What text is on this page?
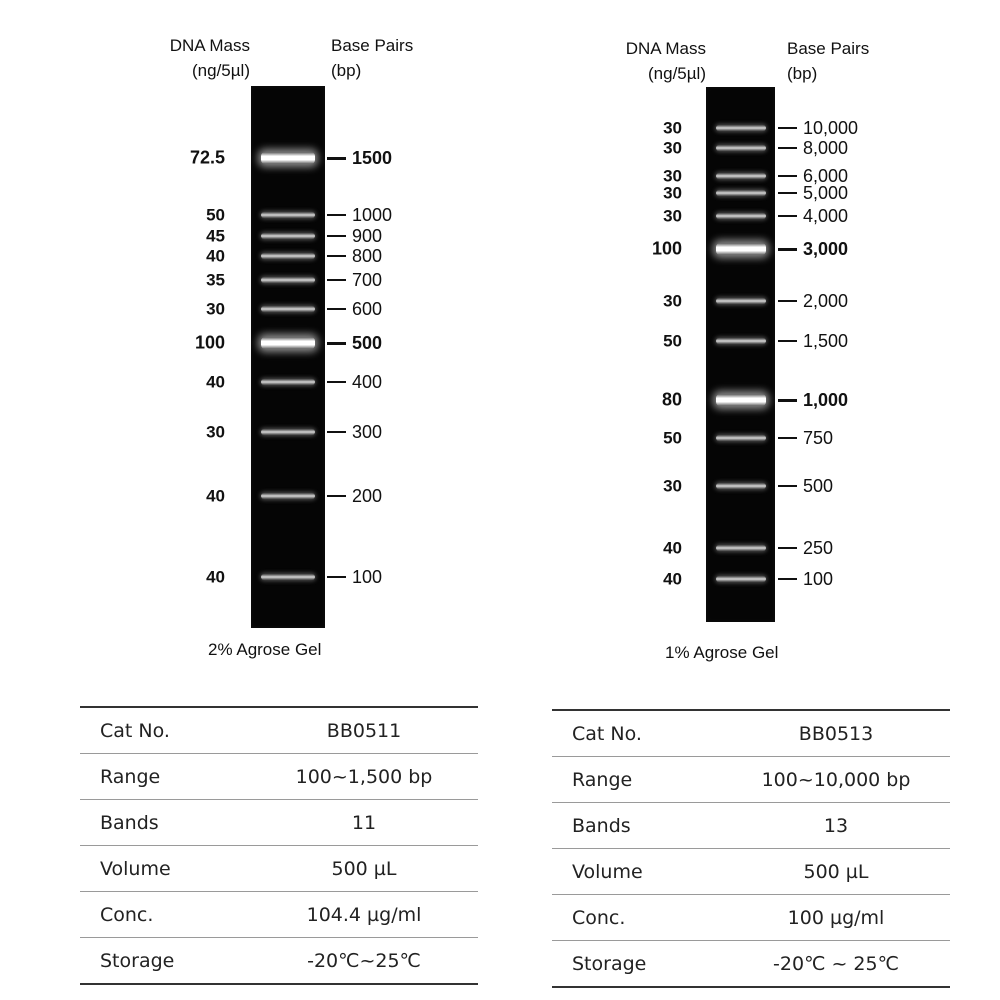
DNA Mass
(ng/5µl)
Base Pairs
(bp)
72.5	1500
50	1000
45	900
40	800
35	700
30	600
100	500
40	400
30	300
40	200
40	100
2% Agrose Gel
DNA Mass
(ng/5µl)
Base Pairs
(bp)
30	10,000
30	8,000
30	6,000
30	5,000
30	4,000
100	3,000
30	2,000
50	1,500
80	1,000
50	750
30	500
40	250
40	100
1% Agrose Gel
Cat No.	BB0511
Range	100~1,500 bp
Bands	11
Volume	500 µL
Conc.	104.4 µg/ml
Storage	-20℃~25℃
Cat No.	BB0513
Range	100~10,000 bp
Bands	13
Volume	500 µL
Conc.	100 µg/ml
Storage	-20℃ ~ 25℃
